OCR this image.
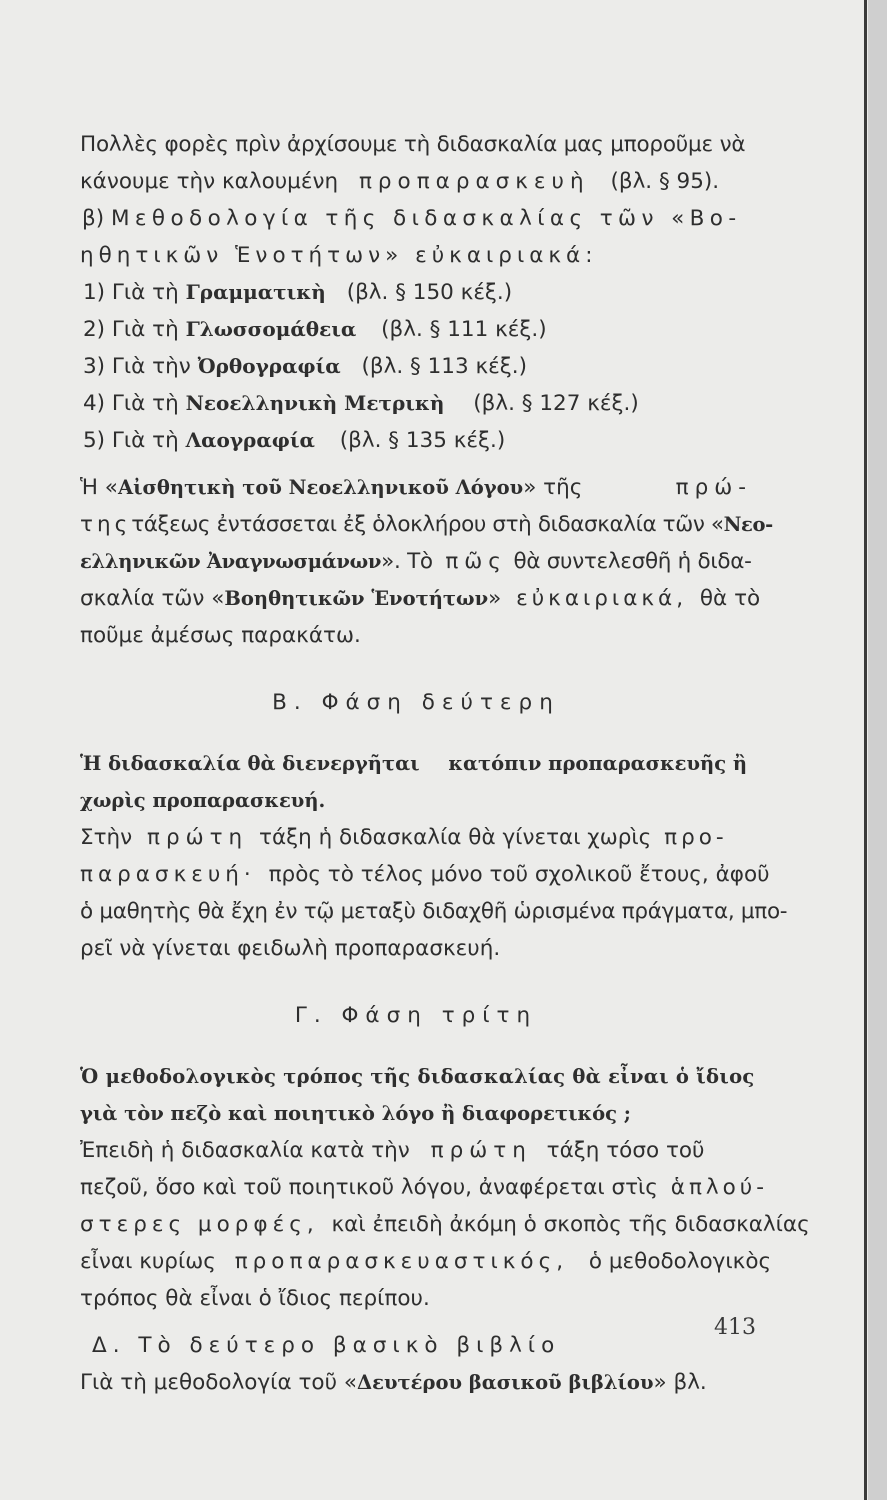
Πολλὲς φορὲς πρὶν ἀρχίσουμε τὴ διδασκαλία μας μποροῦμε νὰ
κάνουμε τὴν καλουμένη προπαρασκευὴ (βλ. § 95).
β) Μεθοδολογία τῆς διδασκαλίας τῶν «Βο-
ηθητικῶν Ἑνοτήτων» εὐκαιριακά:
1) Γιὰ τὴ Γραμματικὴ (βλ. § 150 κέξ.)
2) Γιὰ τὴ Γλωσσομάθεια (βλ. § 111 κέξ.)
3) Γιὰ τὴν Ὀρθογραφία (βλ. § 113 κέξ.)
4) Γιὰ τὴ Νεοελληνικὴ Μετρικὴ (βλ. § 127 κέξ.)
5) Γιὰ τὴ Λαογραφία (βλ. § 135 κέξ.)
Ἡ «Αἰσθητικὴ τοῦ Νεοελληνικοῦ Λόγου» τῆς	πρώ-
τηςτάξεως ἐντάσσεται ἐξ ὁλοκλήρου στὴ διδασκαλία τῶν «Νεο-
ελληνικῶν Ἀναγνωσμάνων». Τὸ πῶς θὰ συντελεσθῆ ἡ διδα-
σκαλία τῶν «Βοηθητικῶν Ἑνοτήτων» εὐκαιριακά, θὰ τὸ
ποῦμε ἀμέσως παρακάτω.
Β. Φάση δεύτερη
Ἡ διδασκαλία θὰ διενεργῆται κατόπιν προπαρασκευῆς ἢ
χωρὶς προπαρασκευή.
Στὴν πρώτη τάξη ἡ διδασκαλία θὰ γίνεται χωρὶς προ-
παρασκευή· πρὸς τὸ τέλος μόνο τοῦ σχολικοῦ ἔτους, ἀφοῦ
ὁ μαθητὴς θὰ ἔχη ἐν τῷ μεταξὺ διδαχθῆ ὡρισμένα πράγματα, μπο-
ρεῖ νὰ γίνεται φειδωλὴ προπαρασκευή.
Γ. Φάση τρίτη
Ὁ μεθοδολογικὸς τρόπος τῆς διδασκαλίας θὰ εἶναι ὁ ἴδιος
γιὰ τὸν πεζὸ καὶ ποιητικὸ λόγο ἢ διαφορετικός ;
Ἐπειδὴ ἡ διδασκαλία κατὰ τὴν πρώτη τάξη τόσο τοῦ
πεζοῦ, ὅσο καὶ τοῦ ποιητικοῦ λόγου, ἀναφέρεται στὶς ἁπλού-
στερες μορφές, καὶ ἐπειδὴ ἀκόμη ὁ σκοπὸς τῆς διδασκαλίας
εἶναι κυρίως προπαρασκευαστικός, ὁ μεθοδολογικὸς
τρόπος θὰ εἶναι ὁ ἴδιος περίπου.
Δ. Τὸ δεύτερο βασικὸ βιβλίο
Γιὰ τὴ μεθοδολογία τοῦ «Δευτέρου βασικοῦ βιβλίου» βλ.
413
